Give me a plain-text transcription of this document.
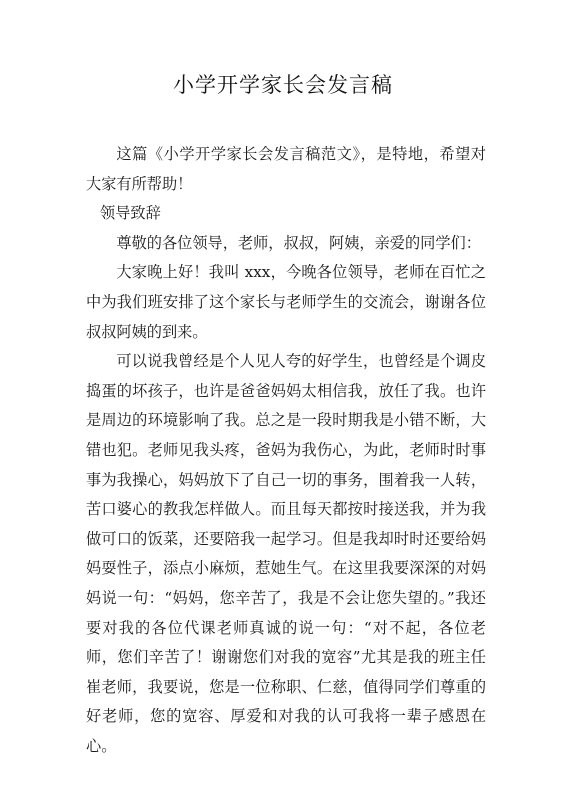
小学开学家长会发言稿

这篇《小学开学家长会发言稿范文》，是特地，希望对大家有所帮助！

领导致辞

尊敬的各位领导，老师，叔叔，阿姨，亲爱的同学们：

大家晚上好！我叫 xxx，今晚各位领导，老师在百忙之中为我们班安排了这个家长与老师学生的交流会，谢谢各位叔叔阿姨的到来。

可以说我曾经是个人见人夸的好学生，也曾经是个调皮捣蛋的坏孩子，也许是爸爸妈妈太相信我，放任了我。也许是周边的环境影响了我。总之是一段时期我是小错不断，大错也犯。老师见我头疼，爸妈为我伤心，为此，老师时时事事为我操心，妈妈放下了自己一切的事务，围着我一人转，苦口婆心的教我怎样做人。而且每天都按时接送我，并为我做可口的饭菜，还要陪我一起学习。但是我却时时还要给妈妈耍性子，添点小麻烦，惹她生气。在这里我要深深的对妈妈说一句：“妈妈，您辛苦了，我是不会让您失望的。”我还要对我的各位代课老师真诚的说一句：“对不起，各位老师，您们辛苦了！谢谢您们对我的宽容”尤其是我的班主任崔老师，我要说，您是一位称职、仁慈，值得同学们尊重的好老师，您的宽容、厚爱和对我的认可我将一辈子感恩在心。
